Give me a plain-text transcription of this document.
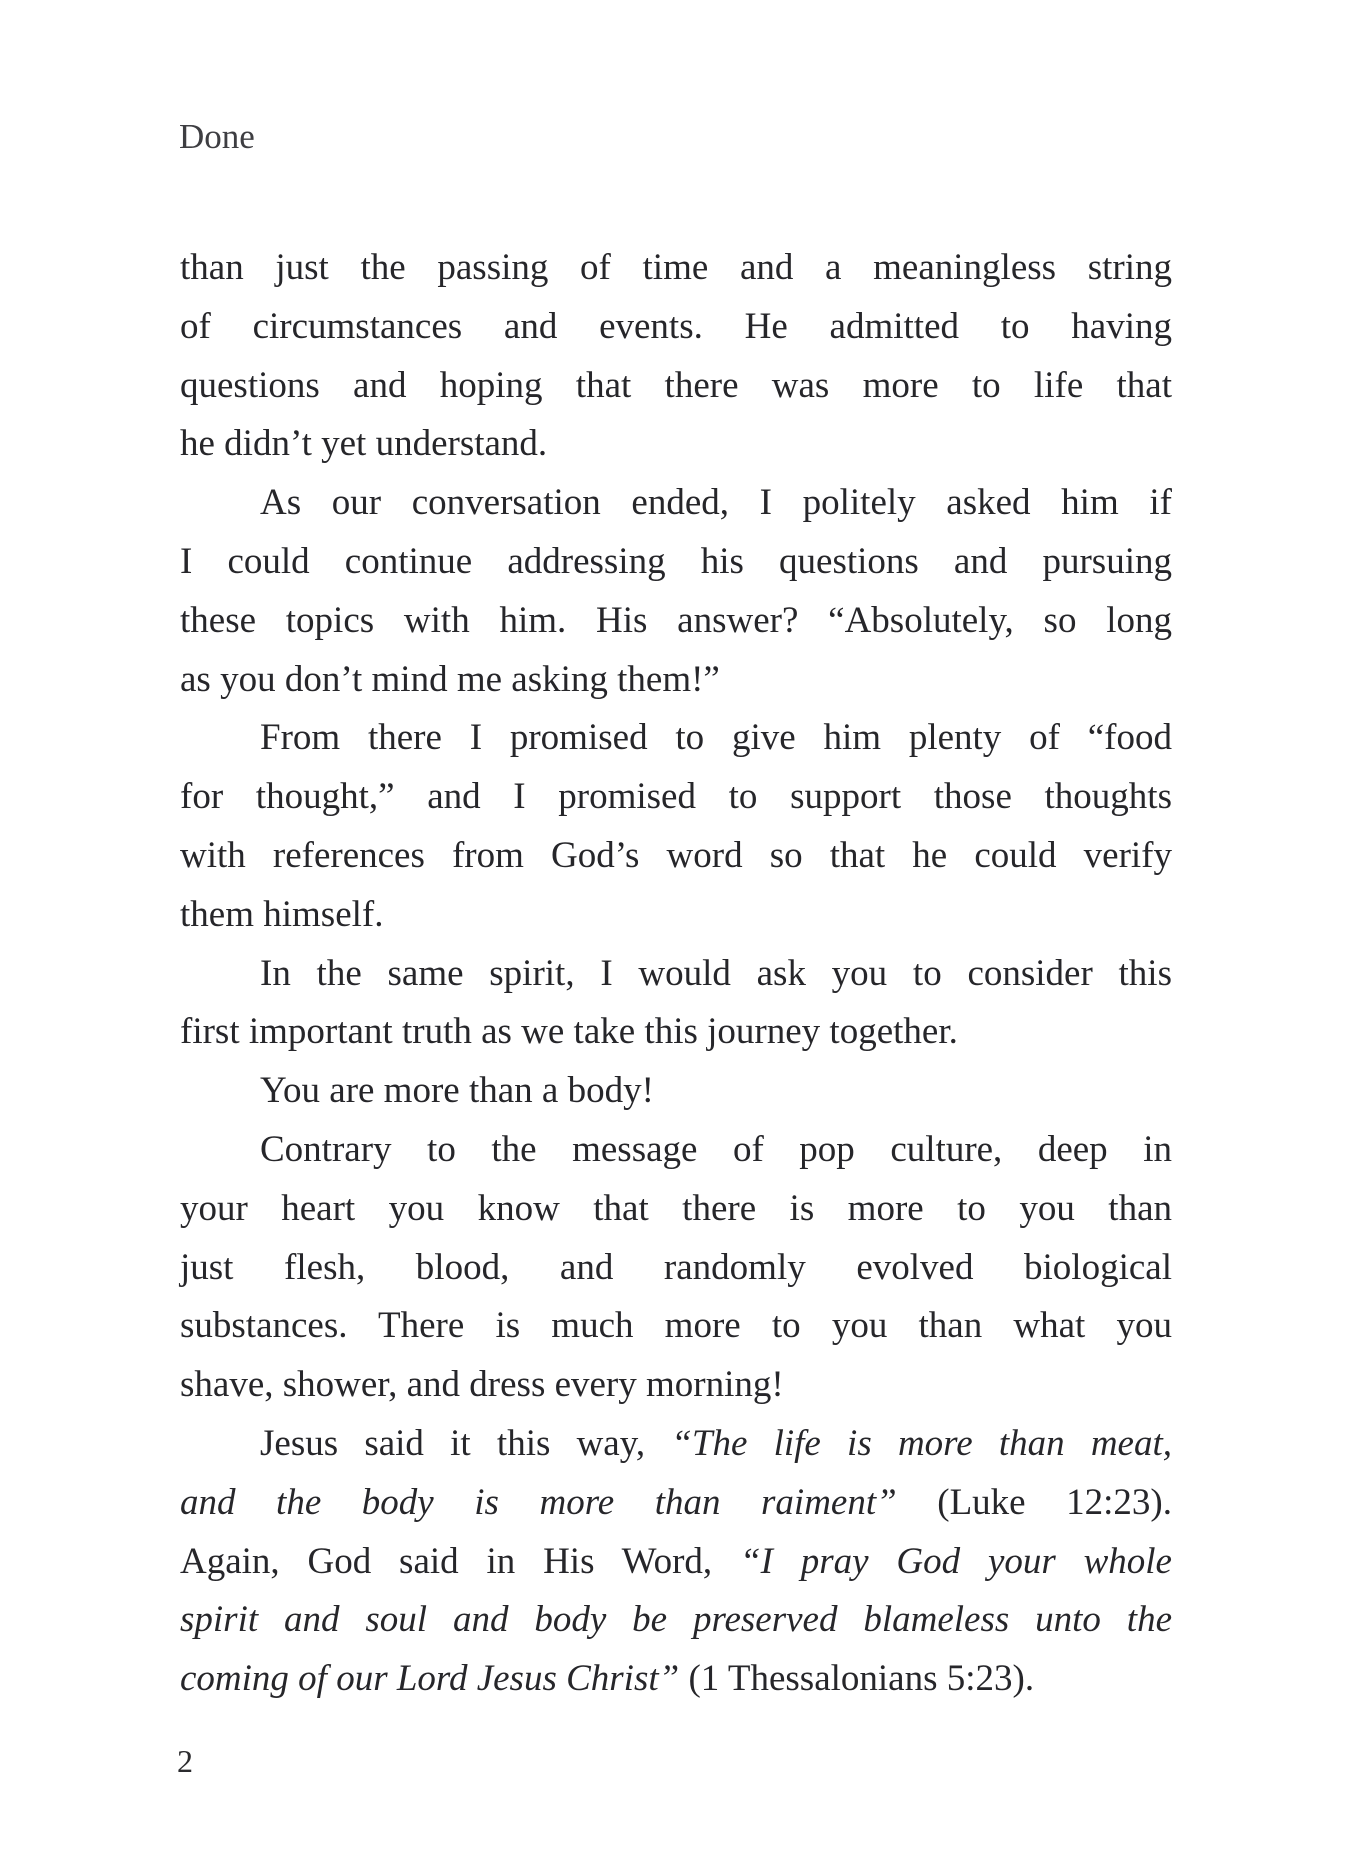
Done
than just the passing of time and a meaningless string
of circumstances and events. He admitted to having
questions and hoping that there was more to life that
he didn’t yet understand.
As our conversation ended, I politely asked him if
I could continue addressing his questions and pursuing
these topics with him. His answer? “Absolutely, so long
as you don’t mind me asking them!”
From there I promised to give him plenty of “food
for thought,” and I promised to support those thoughts
with references from God’s word so that he could verify
them himself.
In the same spirit, I would ask you to consider this
first important truth as we take this journey together.
You are more than a body!
Contrary to the message of pop culture, deep in
your heart you know that there is more to you than
just flesh, blood, and randomly evolved biological
substances. There is much more to you than what you
shave, shower, and dress every morning!
Jesus said it this way, “The life is more than meat,
and the body is more than raiment” (Luke 12:23).
Again, God said in His Word, “I pray God your whole
spirit and soul and body be preserved blameless unto the
coming of our Lord Jesus Christ” (1 Thessalonians 5:23).
2
